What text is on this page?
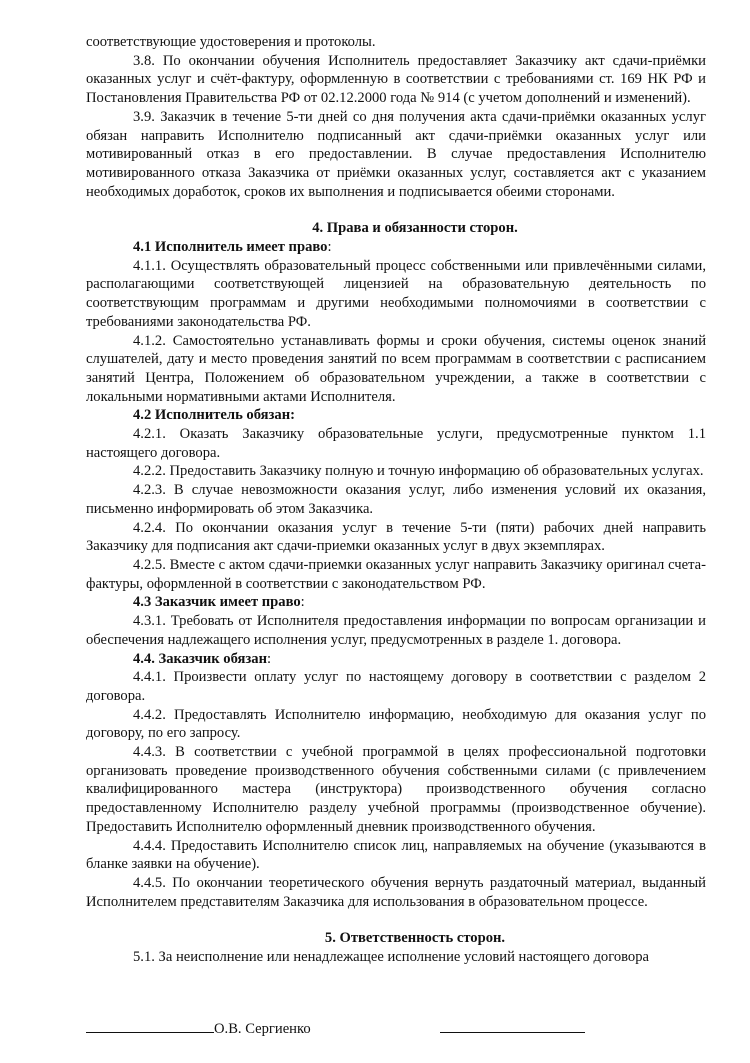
соответствующие удостоверения и протоколы.

3.8. По окончании обучения Исполнитель предоставляет Заказчику акт сдачи-приёмки оказанных услуг и счёт-фактуру, оформленную в соответствии с требованиями ст. 169 НК РФ и Постановления Правительства РФ от 02.12.2000 года № 914 (с учетом дополнений и изменений).

3.9. Заказчик в течение 5-ти дней со дня получения акта сдачи-приёмки оказанных услуг обязан направить Исполнителю подписанный акт сдачи-приёмки оказанных услуг или мотивированный отказ в его предоставлении. В случае предоставления Исполнителю мотивированного отказа Заказчика от приёмки оказанных услуг, составляется акт с указанием необходимых доработок, сроков их выполнения и подписывается обеими сторонами.

4. Права и обязанности сторон.

4.1 Исполнитель имеет право:

4.1.1. Осуществлять образовательный процесс собственными или привлечёнными силами, располагающими соответствующей лицензией на образовательную деятельность по соответствующим программам и другими необходимыми полномочиями в соответствии с требованиями законодательства РФ.

4.1.2. Самостоятельно устанавливать формы и сроки обучения, системы оценок знаний слушателей, дату и место проведения занятий по всем программам в соответствии с расписанием занятий Центра, Положением об образовательном учреждении, а также в соответствии с локальными нормативными актами Исполнителя.

4.2 Исполнитель обязан:

4.2.1. Оказать Заказчику образовательные услуги, предусмотренные пунктом 1.1 настоящего договора.

4.2.2. Предоставить Заказчику полную и точную информацию об образовательных услугах.

4.2.3. В случае невозможности оказания услуг, либо изменения условий их оказания, письменно информировать об этом Заказчика.

4.2.4. По окончании оказания услуг в течение 5-ти (пяти) рабочих дней направить Заказчику для подписания акт сдачи-приемки оказанных услуг в двух экземплярах.

4.2.5. Вместе с актом сдачи-приемки оказанных услуг направить Заказчику оригинал счета-фактуры, оформленной в соответствии с законодательством РФ.

4.3 Заказчик имеет право:

4.3.1. Требовать от Исполнителя предоставления информации по вопросам организации и обеспечения надлежащего исполнения услуг, предусмотренных в разделе 1. договора.

4.4. Заказчик обязан:

4.4.1. Произвести оплату услуг по настоящему договору в соответствии с разделом 2 договора.

4.4.2. Предоставлять Исполнителю информацию, необходимую для оказания услуг по договору, по его запросу.

4.4.3. В соответствии с учебной программой в целях профессиональной подготовки организовать проведение производственного обучения собственными силами (с привлечением квалифицированного мастера (инструктора) производственного обучения согласно предоставленному Исполнителю разделу учебной программы (производственное обучение). Предоставить Исполнителю оформленный дневник производственного обучения.

4.4.4. Предоставить Исполнителю список лиц, направляемых на обучение (указываются в бланке заявки на обучение).

4.4.5. По окончании теоретического обучения вернуть раздаточный материал, выданный Исполнителем представителям Заказчика для использования в образовательном процессе.

5. Ответственность сторон.

5.1. За неисполнение или ненадлежащее исполнение условий настоящего договора

О.В. Сергиенко
